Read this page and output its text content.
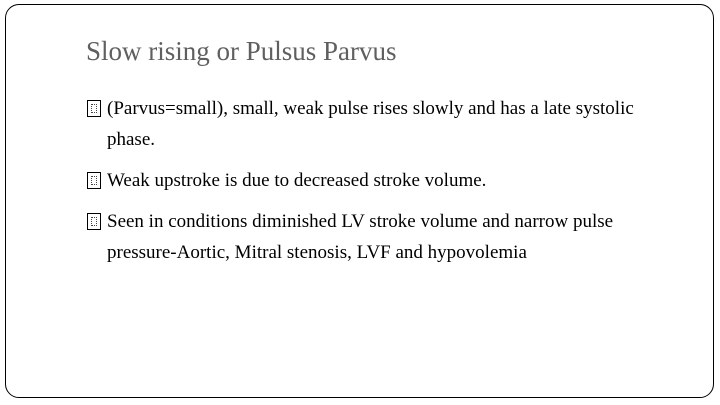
Slow rising or Pulsus Parvus
(Parvus=small), small, weak pulse rises slowly and has a late systolic phase.
Weak upstroke is due to decreased stroke volume.
Seen in conditions diminished LV stroke volume and narrow pulse pressure-Aortic, Mitral stenosis, LVF and hypovolemia
